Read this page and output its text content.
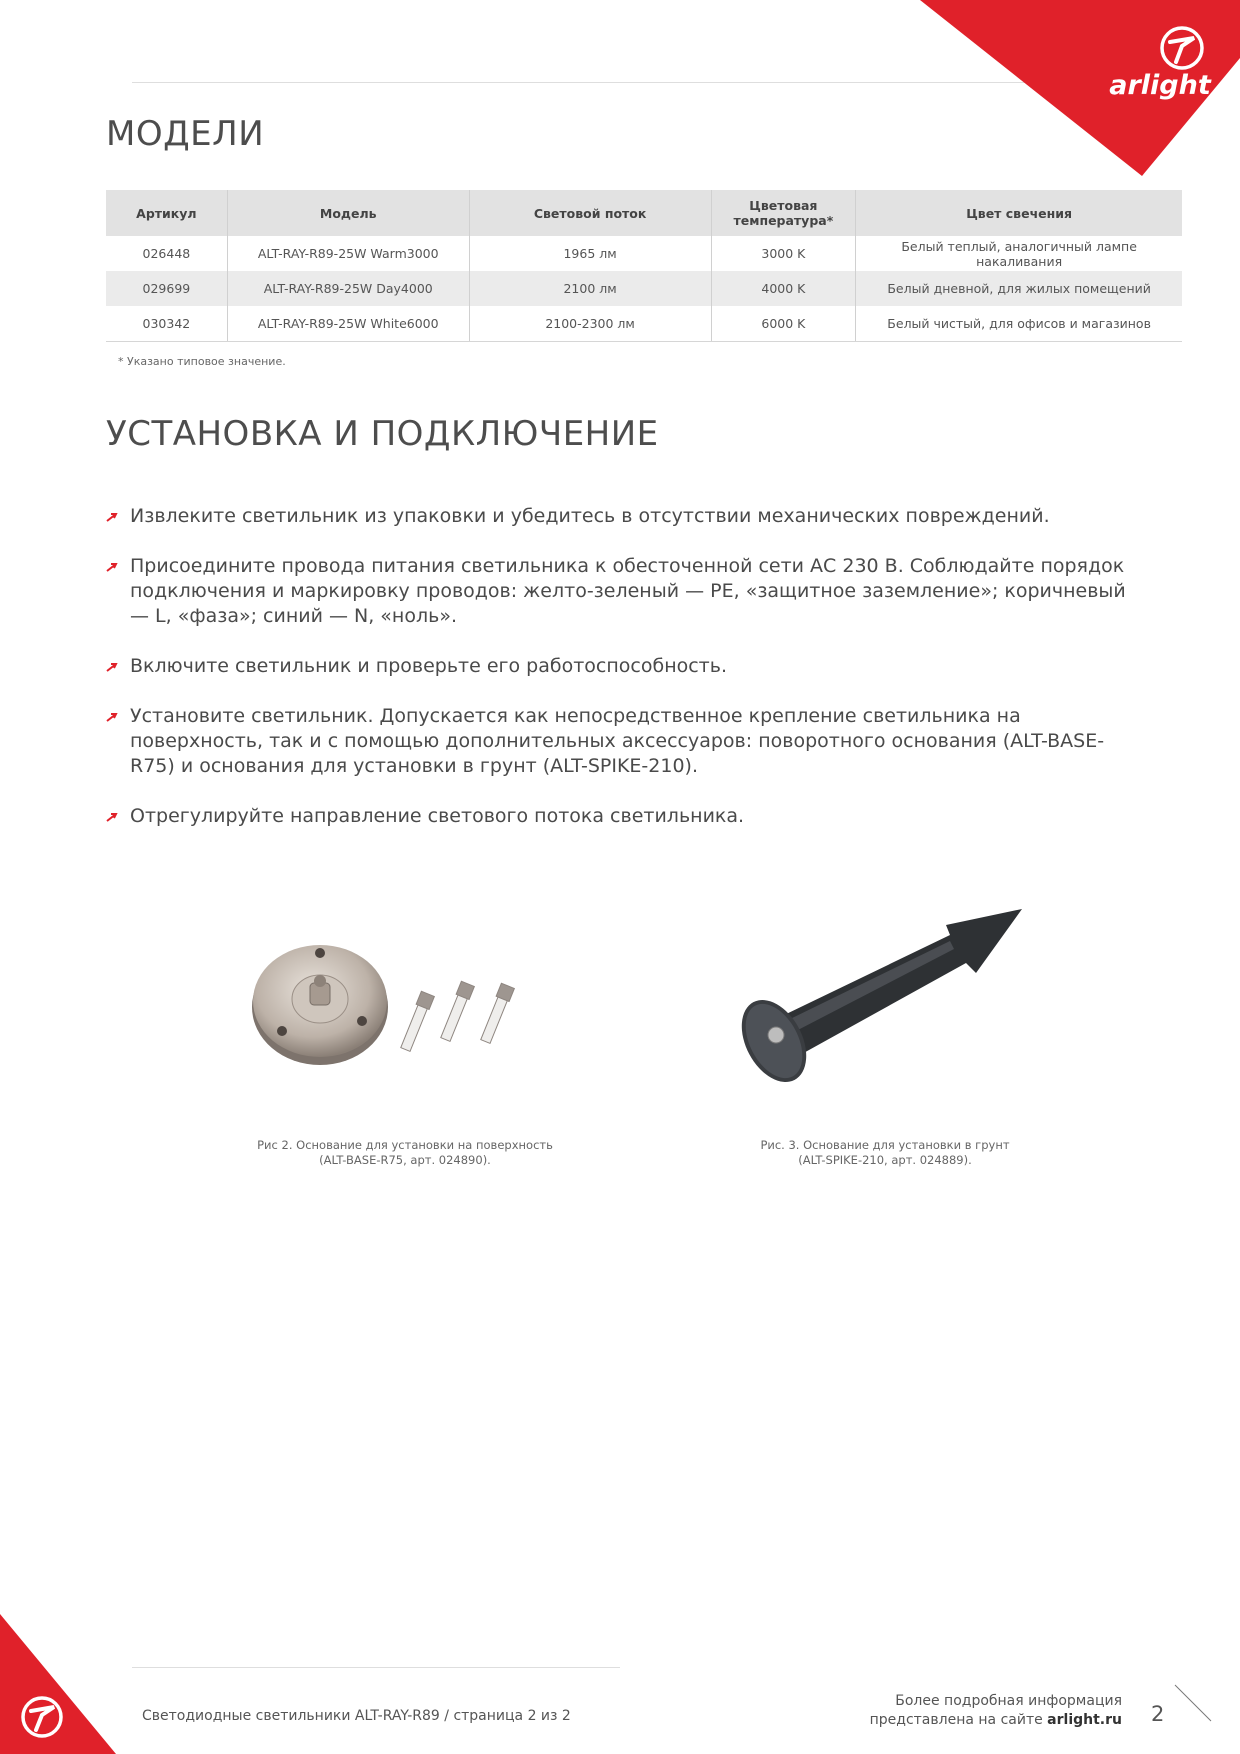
arlight
МОДЕЛИ
Артикул	Модель	Световой поток	Цветовая температура*	Цвет свечения
026448	ALT-RAY-R89-25W Warm3000	1965 лм	3000 K	Белый теплый, аналогичный лампе накаливания
029699	ALT-RAY-R89-25W Day4000	2100 лм	4000 K	Белый дневной, для жилых помещений
030342	ALT-RAY-R89-25W White6000	2100-2300 лм	6000 K	Белый чистый, для офисов и магазинов
* Указано типовое значение.
УСТАНОВКА И ПОДКЛЮЧЕНИЕ
Извлеките светильник из упаковки и убедитесь в отсутствии механических повреждений.
Присоедините провода питания светильника к обесточенной сети АС 230 В. Соблюдайте порядок подключения и маркировку проводов: желто-зеленый — PE, «защитное заземление»; коричневый — L, «фаза»; синий — N, «ноль».
Включите светильник и проверьте его работоспособность.
Установите светильник. Допускается как непосредственное крепление светильника на поверхность, так и с помощью дополнительных аксессуаров: поворотного основания (ALT-BASE-R75) и основания для установки в грунт (ALT-SPIKE-210).
Отрегулируйте направление светового потока светильника.
Рис 2. Основание для установки на поверхность
(ALT-BASE-R75, арт. 024890).
Рис. 3. Основание для установки в грунт
(ALT-SPIKE-210, арт. 024889).
Светодиодные светильники ALT-RAY-R89 / страница 2 из 2
Более подробная информация
представлена на сайте arlight.ru 2
